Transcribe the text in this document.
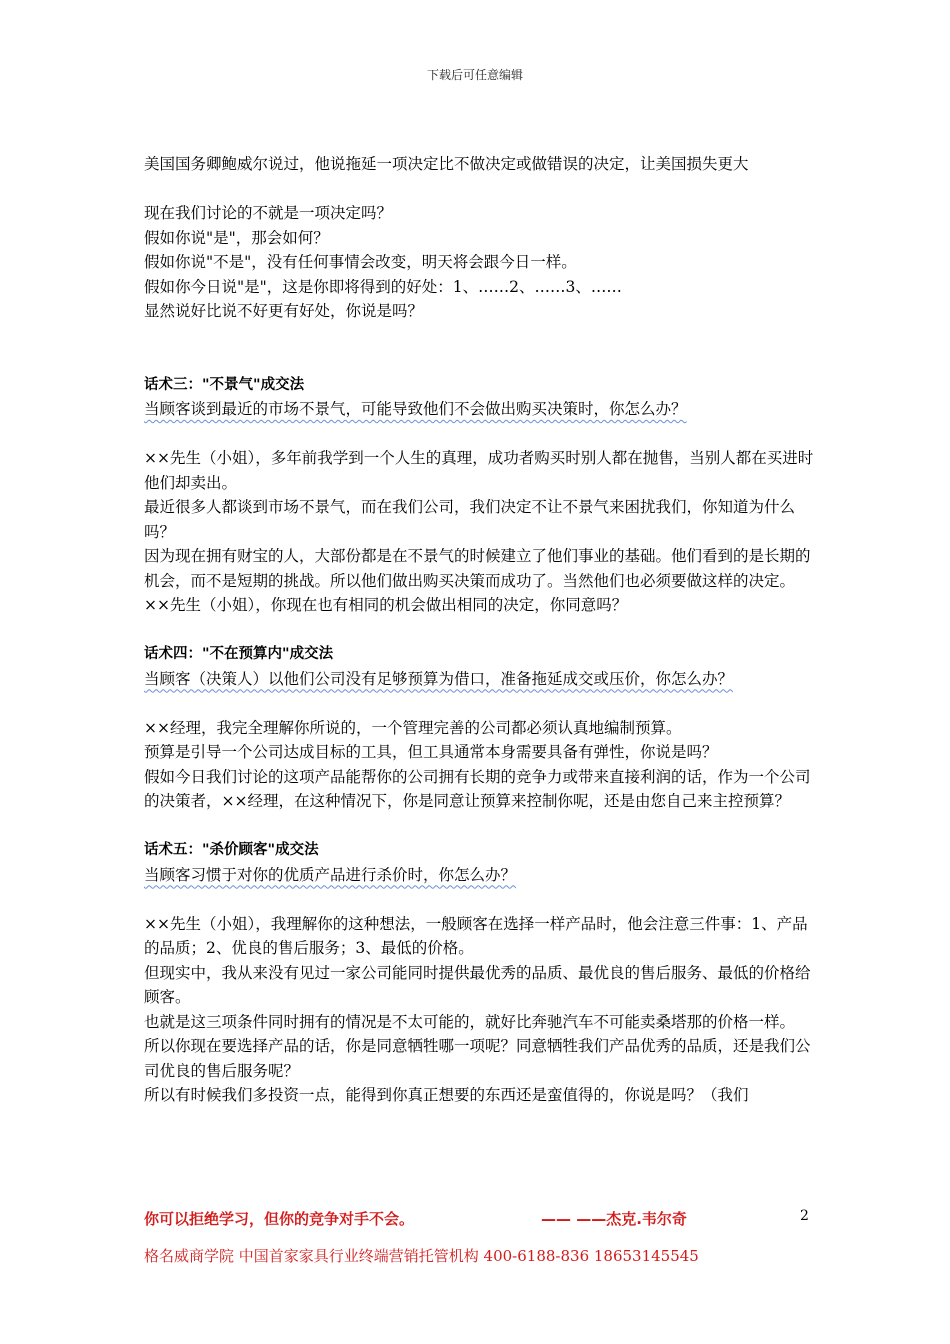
下载后可任意编辑

美国国务卿鲍威尔说过，他说拖延一项决定比不做决定或做错误的决定，让美国损失更大

现在我们讨论的不就是一项决定吗？

假如你说"是"，那会如何？

假如你说"不是"，没有任何事情会改变，明天将会跟今日一样。

假如你今日说"是"，这是你即将得到的好处：1、……2、……3、……

显然说好比说不好更有好处，你说是吗？

话术三："不景气"成交法

当顾客谈到最近的市场不景气，可能导致他们不会做出购买决策时，你怎么办？

××先生（小姐），多年前我学到一个人生的真理，成功者购买时别人都在抛售，当别人都在买进时他们却卖出。

最近很多人都谈到市场不景气，而在我们公司，我们决定不让不景气来困扰我们，你知道为什么吗？

因为现在拥有财宝的人，大部份都是在不景气的时候建立了他们事业的基础。他们看到的是长期的机会，而不是短期的挑战。所以他们做出购买决策而成功了。当然他们也必须要做这样的决定。

××先生（小姐），你现在也有相同的机会做出相同的决定，你同意吗？

话术四："不在预算内"成交法

当顾客（决策人）以他们公司没有足够预算为借口，准备拖延成交或压价，你怎么办？

××经理，我完全理解你所说的，一个管理完善的公司都必须认真地编制预算。

预算是引导一个公司达成目标的工具，但工具通常本身需要具备有弹性，你说是吗？

假如今日我们讨论的这项产品能帮你的公司拥有长期的竞争力或带来直接利润的话，作为一个公司的决策者，××经理，在这种情况下，你是同意让预算来控制你呢，还是由您自己来主控预算？

话术五："杀价顾客"成交法

当顾客习惯于对你的优质产品进行杀价时，你怎么办？

××先生（小姐），我理解你的这种想法，一般顾客在选择一样产品时，他会注意三件事：1、产品的品质；2、优良的售后服务；3、最低的价格。

但现实中，我从来没有见过一家公司能同时提供最优秀的品质、最优良的售后服务、最低的价格给顾客。

也就是这三项条件同时拥有的情况是不太可能的，就好比奔驰汽车不可能卖桑塔那的价格一样。

所以你现在要选择产品的话，你是同意牺牲哪一项呢？同意牺牲我们产品优秀的品质，还是我们公司优良的售后服务呢？

所以有时候我们多投资一点，能得到你真正想要的东西还是蛮值得的，你说是吗？（我们

你可以拒绝学习，但你的竞争对手不会。	—— ——杰克.韦尔奇	2
格名威商学院 中国首家家具行业终端营销托管机构 400-6188-836 18653145545
